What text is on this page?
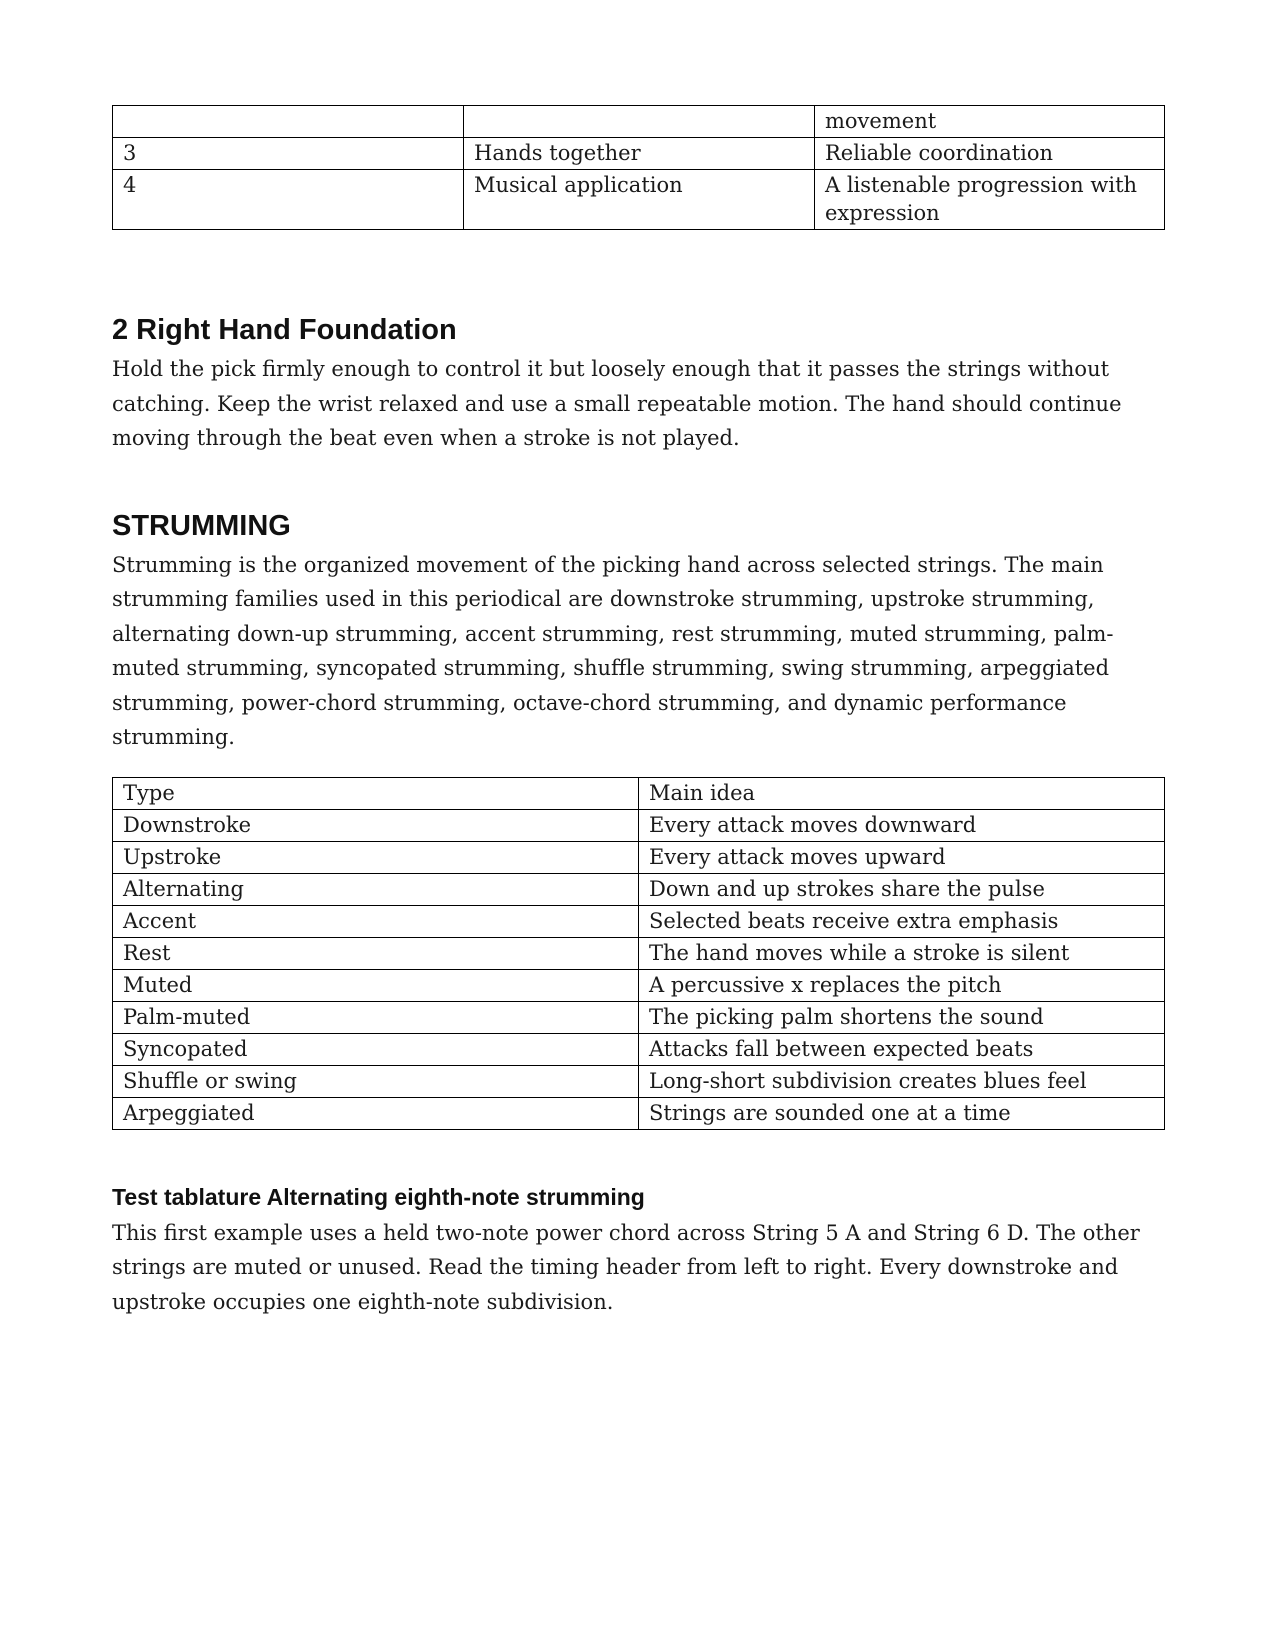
		movement
3	Hands together	Reliable coordination
4	Musical application	A listenable progression with expression
2 Right Hand Foundation

Hold the pick firmly enough to control it but loosely enough that it passes the strings without catching. Keep the wrist relaxed and use a small repeatable motion. The hand should continue moving through the beat even when a stroke is not played.

STRUMMING

Strumming is the organized movement of the picking hand across selected strings. The main strumming families used in this periodical are downstroke strumming, upstroke strumming, alternating down-up strumming, accent strumming, rest strumming, muted strumming, palm-muted strumming, syncopated strumming, shuffle strumming, swing strumming, arpeggiated strumming, power-chord strumming, octave-chord strumming, and dynamic performance strumming.

Type	Main idea
Downstroke	Every attack moves downward
Upstroke	Every attack moves upward
Alternating	Down and up strokes share the pulse
Accent	Selected beats receive extra emphasis
Rest	The hand moves while a stroke is silent
Muted	A percussive x replaces the pitch
Palm-muted	The picking palm shortens the sound
Syncopated	Attacks fall between expected beats
Shuffle or swing	Long-short subdivision creates blues feel
Arpeggiated	Strings are sounded one at a time
Test tablature Alternating eighth-note strumming

This first example uses a held two-note power chord across String 5 A and String 6 D. The other strings are muted or unused. Read the timing header from left to right. Every downstroke and upstroke occupies one eighth-note subdivision.
